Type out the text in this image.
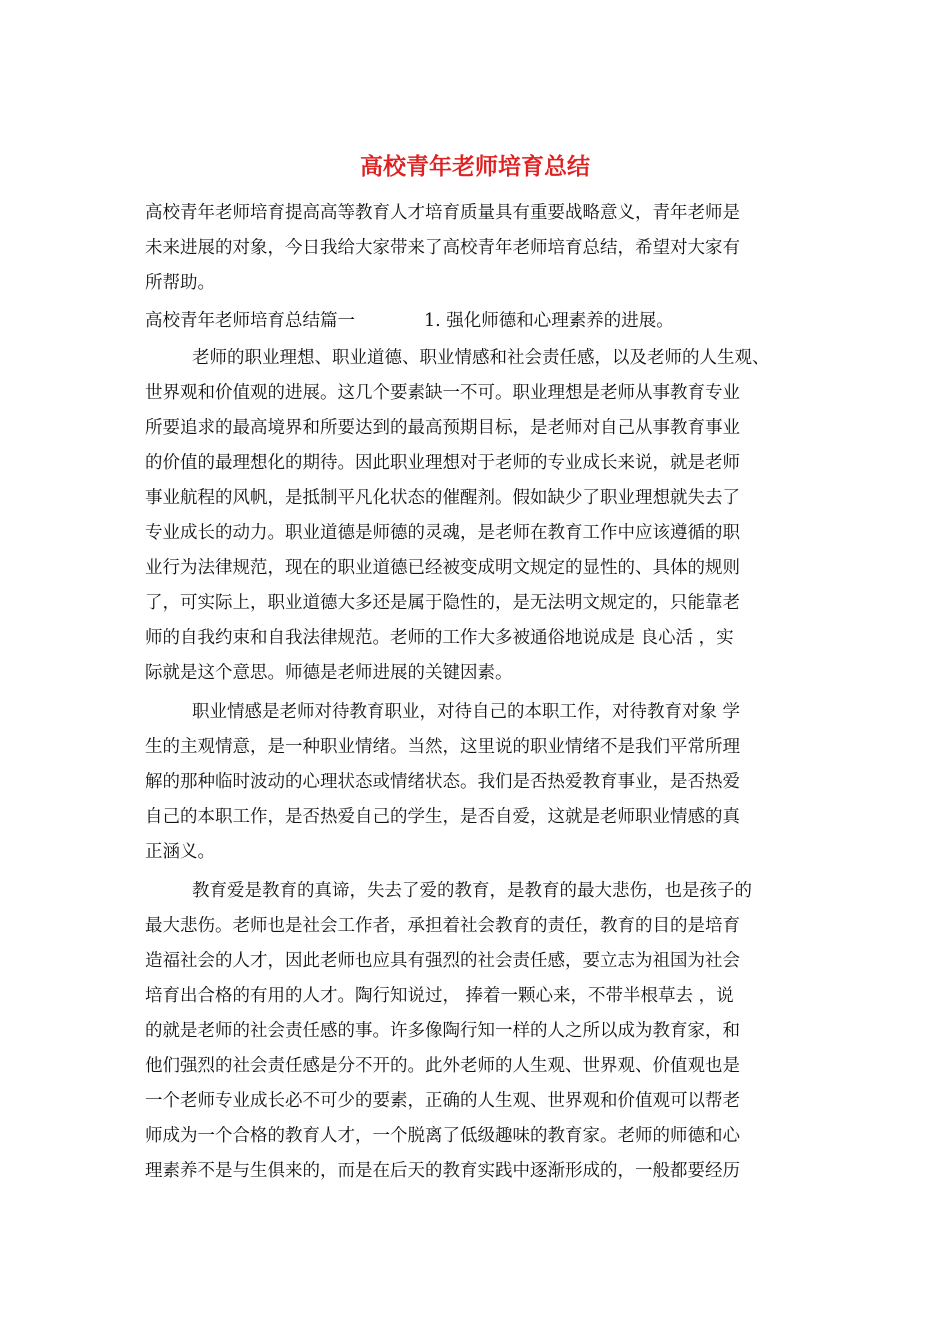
高校青年老师培育总结

高校青年老师培育提高高等教育人才培育质量具有重要战略意义，青年老师是

未来进展的对象，今日我给大家带来了高校青年老师培育总结，希望对大家有

所帮助。

高校青年老师培育总结篇一	1. 强化师德和心理素养的进展。

老师的职业理想、职业道德、职业情感和社会责任感，以及老师的人生观、

世界观和价值观的进展。这几个要素缺一不可。职业理想是老师从事教育专业

所要追求的最高境界和所要达到的最高预期目标，是老师对自己从事教育事业

的价值的最理想化的期待。因此职业理想对于老师的专业成长来说，就是老师

事业航程的风帆，是抵制平凡化状态的催醒剂。假如缺少了职业理想就失去了

专业成长的动力。职业道德是师德的灵魂，是老师在教育工作中应该遵循的职

业行为法律规范，现在的职业道德已经被变成明文规定的显性的、具体的规则

了，可实际上，职业道德大多还是属于隐性的，是无法明文规定的，只能靠老

师的自我约束和自我法律规范。老师的工作大多被通俗地说成是 良心活 ，实

际就是这个意思。师德是老师进展的关键因素。

职业情感是老师对待教育职业，对待自己的本职工作，对待教育对象 学

生的主观情意，是一种职业情绪。当然，这里说的职业情绪不是我们平常所理

解的那种临时波动的心理状态或情绪状态。我们是否热爱教育事业，是否热爱

自己的本职工作，是否热爱自己的学生，是否自爱，这就是老师职业情感的真

正涵义。

教育爱是教育的真谛，失去了爱的教育，是教育的最大悲伤，也是孩子的

最大悲伤。老师也是社会工作者，承担着社会教育的责任，教育的目的是培育

造福社会的人才，因此老师也应具有强烈的社会责任感，要立志为祖国为社会

培育出合格的有用的人才。陶行知说过， 捧着一颗心来，不带半根草去 ，说

的就是老师的社会责任感的事。许多像陶行知一样的人之所以成为教育家，和

他们强烈的社会责任感是分不开的。此外老师的人生观、世界观、价值观也是

一个老师专业成长必不可少的要素，正确的人生观、世界观和价值观可以帮老

师成为一个合格的教育人才，一个脱离了低级趣味的教育家。老师的师德和心

理素养不是与生俱来的，而是在后天的教育实践中逐渐形成的，一般都要经历
